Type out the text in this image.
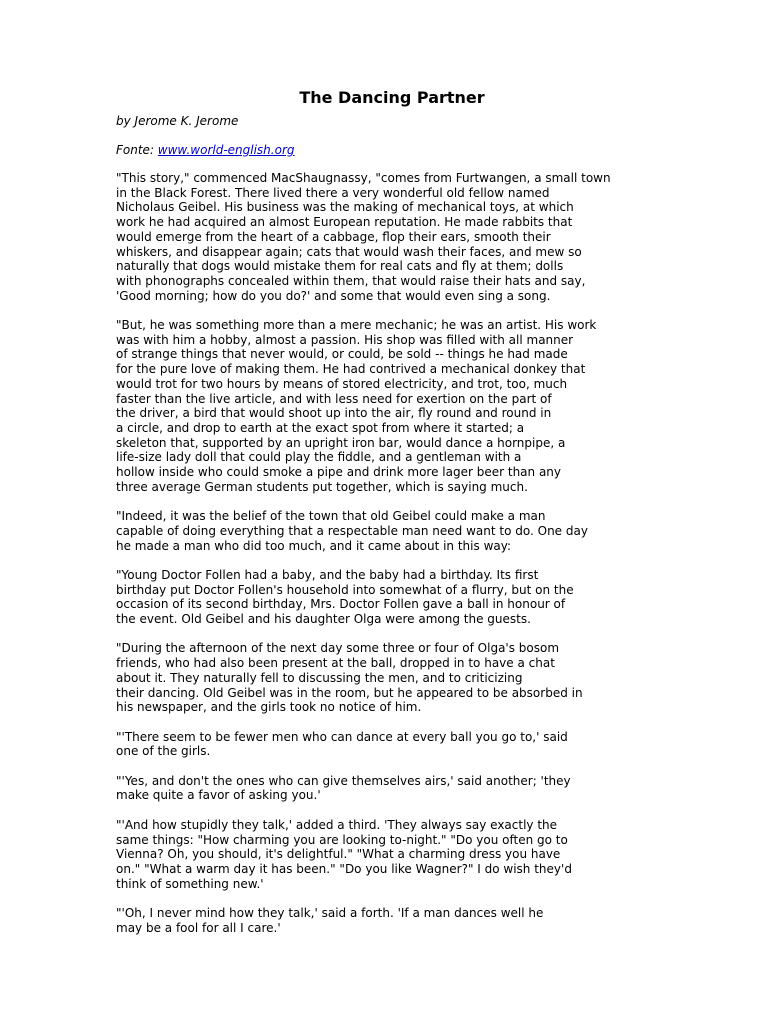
The Dancing Partner

by Jerome K. Jerome

Fonte: www.world-english.org

"This story," commenced MacShaugnassy, "comes from Furtwangen, a small town
in the Black Forest. There lived there a very wonderful old fellow named
Nicholaus Geibel. His business was the making of mechanical toys, at which
work he had acquired an almost European reputation. He made rabbits that
would emerge from the heart of a cabbage, flop their ears, smooth their
whiskers, and disappear again; cats that would wash their faces, and mew so
naturally that dogs would mistake them for real cats and fly at them; dolls
with phonographs concealed within them, that would raise their hats and say,
'Good morning; how do you do?' and some that would even sing a song.

"But, he was something more than a mere mechanic; he was an artist. His work
was with him a hobby, almost a passion. His shop was filled with all manner
of strange things that never would, or could, be sold -- things he had made
for the pure love of making them. He had contrived a mechanical donkey that
would trot for two hours by means of stored electricity, and trot, too, much
faster than the live article, and with less need for exertion on the part of
the driver, a bird that would shoot up into the air, fly round and round in
a circle, and drop to earth at the exact spot from where it started; a
skeleton that, supported by an upright iron bar, would dance a hornpipe, a
life-size lady doll that could play the fiddle, and a gentleman with a
hollow inside who could smoke a pipe and drink more lager beer than any
three average German students put together, which is saying much.

"Indeed, it was the belief of the town that old Geibel could make a man
capable of doing everything that a respectable man need want to do. One day
he made a man who did too much, and it came about in this way:

"Young Doctor Follen had a baby, and the baby had a birthday. Its first
birthday put Doctor Follen's household into somewhat of a flurry, but on the
occasion of its second birthday, Mrs. Doctor Follen gave a ball in honour of
the event. Old Geibel and his daughter Olga were among the guests.

"During the afternoon of the next day some three or four of Olga's bosom
friends, who had also been present at the ball, dropped in to have a chat
about it. They naturally fell to discussing the men, and to criticizing
their dancing. Old Geibel was in the room, but he appeared to be absorbed in
his newspaper, and the girls took no notice of him.

"'There seem to be fewer men who can dance at every ball you go to,' said
one of the girls.

"'Yes, and don't the ones who can give themselves airs,' said another; 'they
make quite a favor of asking you.'

"'And how stupidly they talk,' added a third. 'They always say exactly the
same things: "How charming you are looking to-night." "Do you often go to
Vienna? Oh, you should, it's delightful." "What a charming dress you have
on." "What a warm day it has been." "Do you like Wagner?" I do wish they'd
think of something new.'

"'Oh, I never mind how they talk,' said a forth. 'If a man dances well he
may be a fool for all I care.'
